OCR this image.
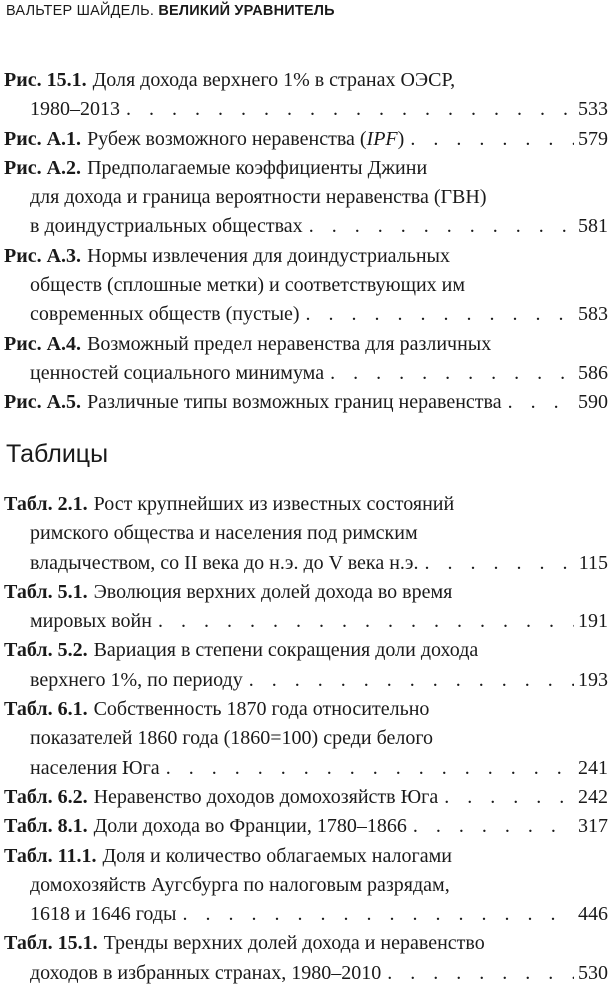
ВАЛЬТЕР ШАЙДЕЛЬ. ВЕЛИКИЙ УРАВНИТЕЛЬ
Рис. 15.1. Доля дохода верхнего 1% в странах ОЭСР,
1980–2013 . . .	533
Рис. А.1. Рубеж возможного неравенства ( IPF ) . . .	579
Рис. А.2. Предполагаемые коэффициенты Джини
для дохода и граница вероятности неравенства (ГВН)
в доиндустриальных обществах . . .	581
Рис. А.3. Нормы извлечения для доиндустриальных
обществ (сплошные метки) и соответствующих им
современных обществ (пустые) . . .	583
Рис. А.4. Возможный предел неравенства для различных
ценностей социального минимума . . .	586
Рис. А.5. Различные типы возможных границ неравенства . . .	590
Таблицы
Табл. 2.1. Рост крупнейших из известных состояний
римского общества и населения под римским
владычеством, со II века до н.э. до V века н.э. . . .	115
Табл. 5.1. Эволюция верхних долей дохода во время
мировых войн . . .	191
Табл. 5.2. Вариация в степени сокращения доли дохода
верхнего 1%, по периоду . . .	193
Табл. 6.1. Собственность 1870 года относительно
показателей 1860 года (1860=100) среди белого
населения Юга . . .	241
Табл. 6.2. Неравенство доходов домохозяйств Юга . . .	242
Табл. 8.1. Доли дохода во Франции, 1780–1866 . . .	317
Табл. 11.1. Доля и количество облагаемых налогами
домохозяйств Аугсбурга по налоговым разрядам,
1618 и 1646 годы . . .	446
Табл. 15.1. Тренды верхних долей дохода и неравенство
доходов в избранных странах, 1980–2010 . . .	530
